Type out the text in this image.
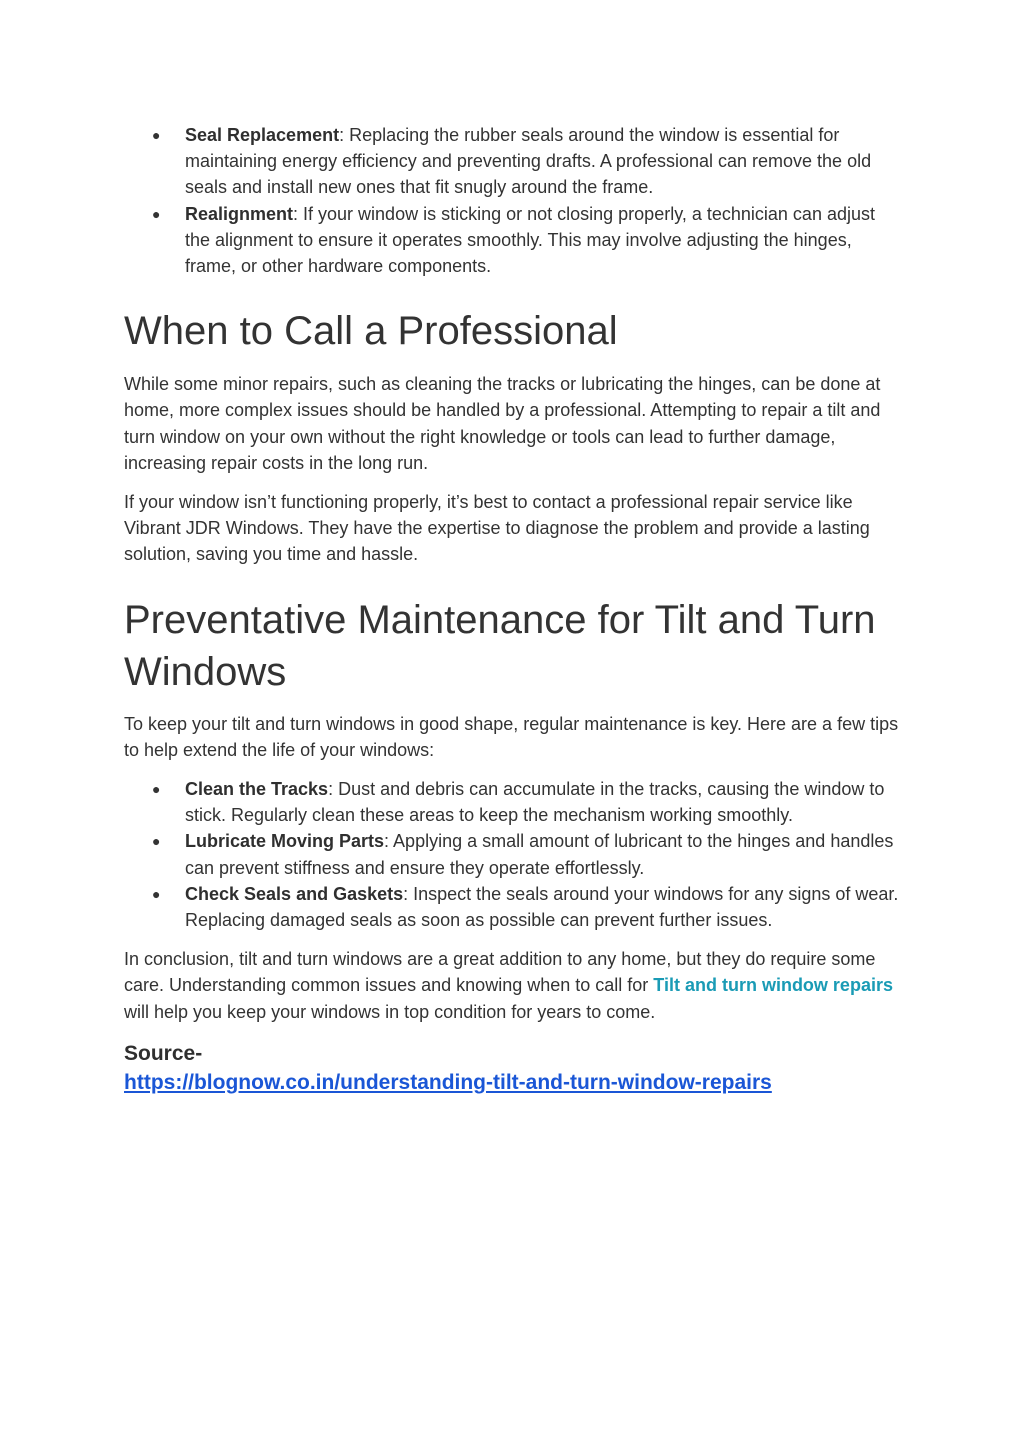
● Seal Replacement: Replacing the rubber seals around the window is essential for maintaining energy efficiency and preventing drafts. A professional can remove the old seals and install new ones that fit snugly around the frame.
● Realignment: If your window is sticking or not closing properly, a technician can adjust the alignment to ensure it operates smoothly. This may involve adjusting the hinges, frame, or other hardware components.
When to Call a Professional

While some minor repairs, such as cleaning the tracks or lubricating the hinges, can be done at home, more complex issues should be handled by a professional. Attempting to repair a tilt and turn window on your own without the right knowledge or tools can lead to further damage, increasing repair costs in the long run.

If your window isn’t functioning properly, it’s best to contact a professional repair service like Vibrant JDR Windows. They have the expertise to diagnose the problem and provide a lasting solution, saving you time and hassle.

Preventative Maintenance for Tilt and Turn Windows

To keep your tilt and turn windows in good shape, regular maintenance is key. Here are a few tips to help extend the life of your windows:

● Clean the Tracks: Dust and debris can accumulate in the tracks, causing the window to stick. Regularly clean these areas to keep the mechanism working smoothly.
● Lubricate Moving Parts: Applying a small amount of lubricant to the hinges and handles can prevent stiffness and ensure they operate effortlessly.
● Check Seals and Gaskets: Inspect the seals around your windows for any signs of wear. Replacing damaged seals as soon as possible can prevent further issues.

In conclusion, tilt and turn windows are a great addition to any home, but they do require some care. Understanding common issues and knowing when to call for Tilt and turn window repairs will help you keep your windows in top condition for years to come.

Source-
https://blognow.co.in/understanding-tilt-and-turn-window-repairs
